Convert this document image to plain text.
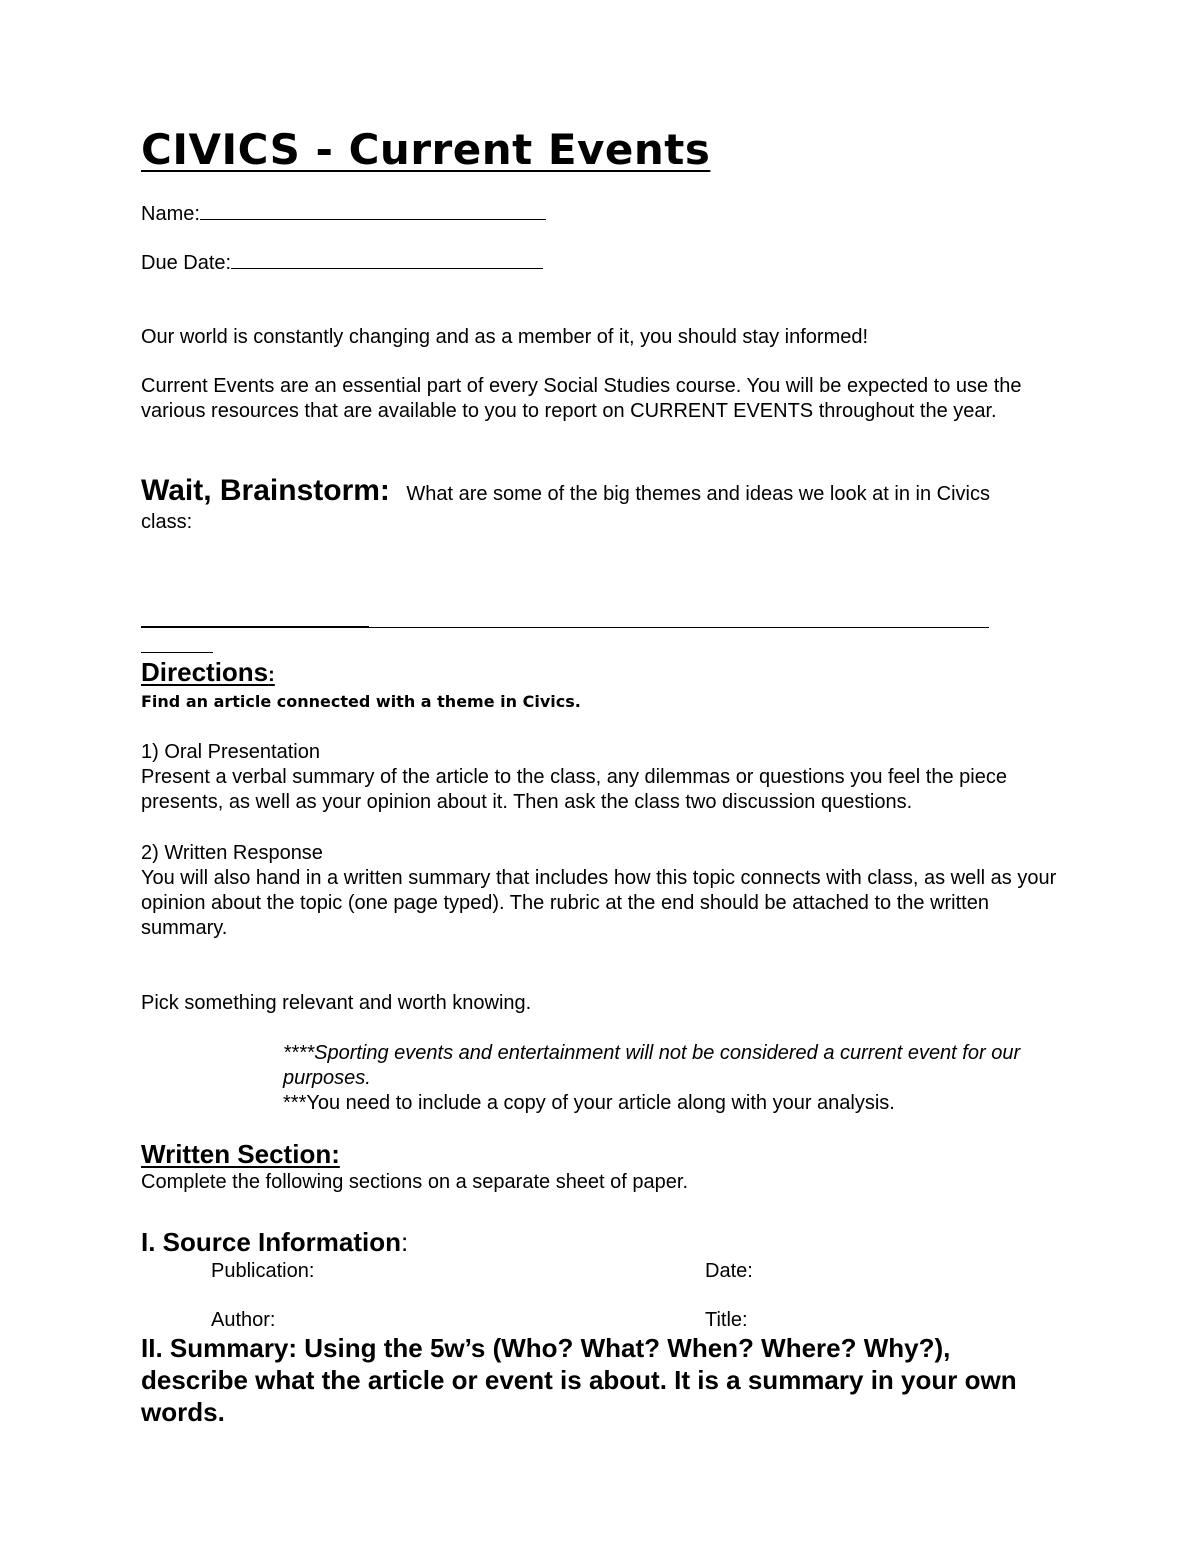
CIVICS - Current Events
Name:
Due Date:
Our world is constantly changing and as a member of it, you should stay informed!
Current Events are an essential part of every Social Studies course. You will be expected to use the various resources that are available to you to report on CURRENT EVENTS throughout the year.
Wait, Brainstorm: What are some of the big themes and ideas we look at in in Civics
class:
Directions:
Find an article connected with a theme in Civics.
1) Oral Presentation
Present a verbal summary of the article to the class, any dilemmas or questions you feel the piece presents, as well as your opinion about it. Then ask the class two discussion questions.
2) Written Response
You will also hand in a written summary that includes how this topic connects with class, as well as your opinion about the topic (one page typed). The rubric at the end should be attached to the written summary.
Pick something relevant and worth knowing.
****Sporting events and entertainment will not be considered a current event for our purposes.
***You need to include a copy of your article along with your analysis.
Written Section:
Complete the following sections on a separate sheet of paper.
I. Source Information:
Publication:	Date:
Author:	Title:
II. Summary: Using the 5w’s (Who? What? When? Where? Why?), describe what the article or event is about. It is a summary in your own words.
